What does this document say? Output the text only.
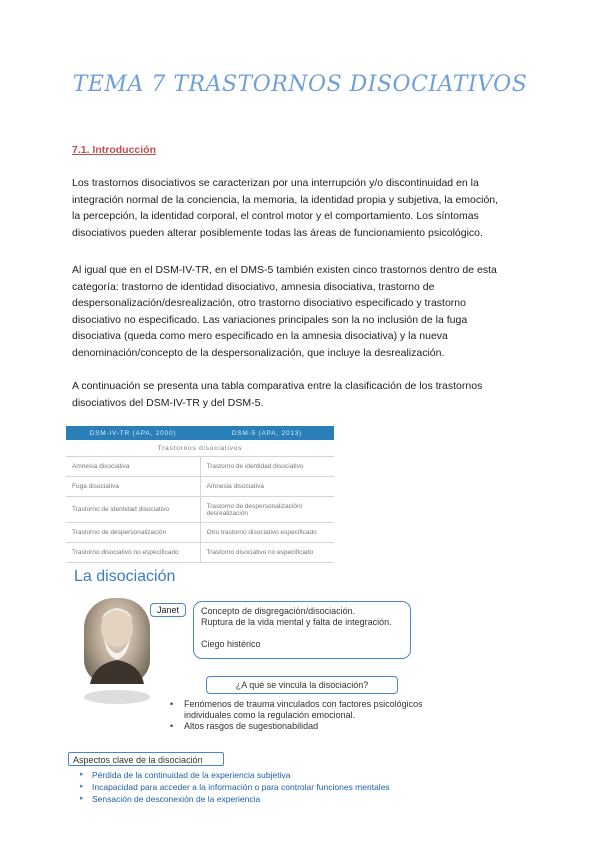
TEMA 7 TRASTORNOS DISOCIATIVOS
7.1. Introducción
Los trastornos disociativos se caracterizan por una interrupción y/o discontinuidad en la
integración normal de la conciencia, la memoria, la identidad propia y subjetiva, la emoción,
la percepción, la identidad corporal, el control motor y el comportamiento. Los síntomas
disociativos pueden alterar posiblemente todas las áreas de funcionamiento psicológico.
Al igual que en el DSM-IV-TR, en el DMS-5 también existen cinco trastornos dentro de esta
categoría: trastorno de identidad disociativo, amnesia disociativa, trastorno de
despersonalización/desrealización, otro trastorno disociativo especificado y trastorno
disociativo no especificado. Las variaciones principales son la no inclusión de la fuga
disociativa (queda como mero especificado en la amnesia disociativa) y la nueva
denominación/concepto de la despersonalización, que incluye la desrealización.
A continuación se presenta una tabla comparativa entre la clasificación de los trastornos
disociativos del DSM-IV-TR y del DSM-5.
DSM-IV-TR (APA, 2000)	DSM-5 (APA, 2013)
Trastornos disociativos	
Amnesia disociativa	Trastorno de identidad disociativo
Fuga disociativa	Amnesia disociativa
Trastorno de identidad disociativo	Trastorno de despersonalización/ desrealización
Trastorno de despersonalización	Otro trastorno disociativo especificado
Trastorno disociativo no especificado	Trastorno disociativo no especificado
La disociación
Janet	Concepto de disgregación/disociación.
Ruptura de la vida mental y falta de integración.

Ciego histérico
¿A qué se vincula la disociación?
• Fenómenos de trauma vinculados con factores psicológicos
individuales como la regulación emocional.
• Altos rasgos de sugestionabilidad
Aspectos clave de la disociación
▸ Pérdida de la continuidad de la experiencia subjetiva
▸ Incapacidad para acceder a la información o para controlar funciones mentales
▸ Sensación de desconexión de la experiencia
